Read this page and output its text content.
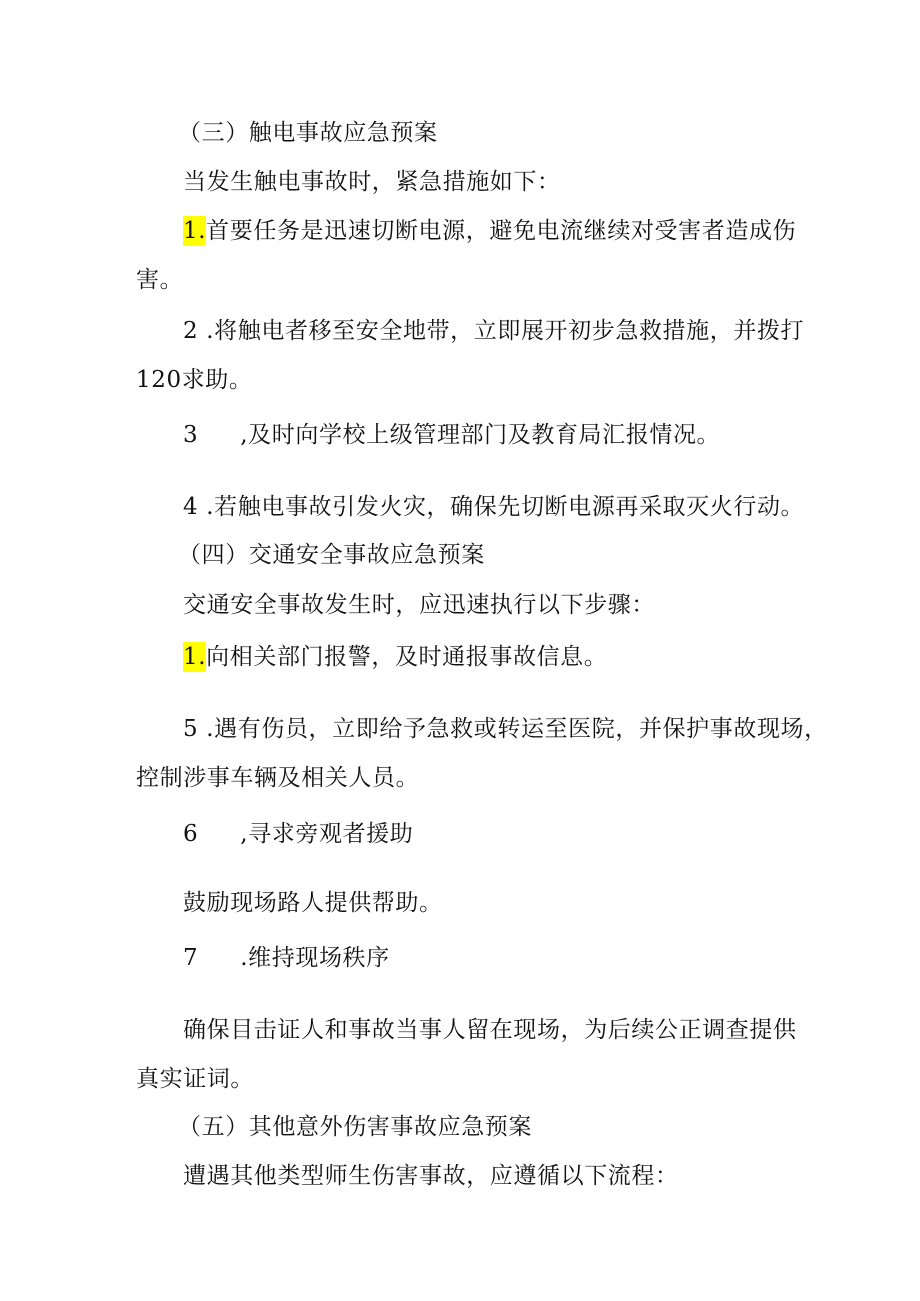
（三）触电事故应急预案
当发生触电事故时，紧急措施如下：
1.首要任务是迅速切断电源，避免电流继续对受害者造成伤
害。
2 .将触电者移至安全地带，立即展开初步急救措施，并拨打
120求助。
3 ,及时向学校上级管理部门及教育局汇报情况。
4 .若触电事故引发火灾，确保先切断电源再采取灭火行动。
（四）交通安全事故应急预案
交通安全事故发生时，应迅速执行以下步骤：
1.向相关部门报警，及时通报事故信息。
5 .遇有伤员，立即给予急救或转运至医院，并保护事故现场，
控制涉事车辆及相关人员。
6 ,寻求旁观者援助
鼓励现场路人提供帮助。
7 .维持现场秩序
确保目击证人和事故当事人留在现场，为后续公正调查提供
真实证词。
（五）其他意外伤害事故应急预案
遭遇其他类型师生伤害事故，应遵循以下流程：
